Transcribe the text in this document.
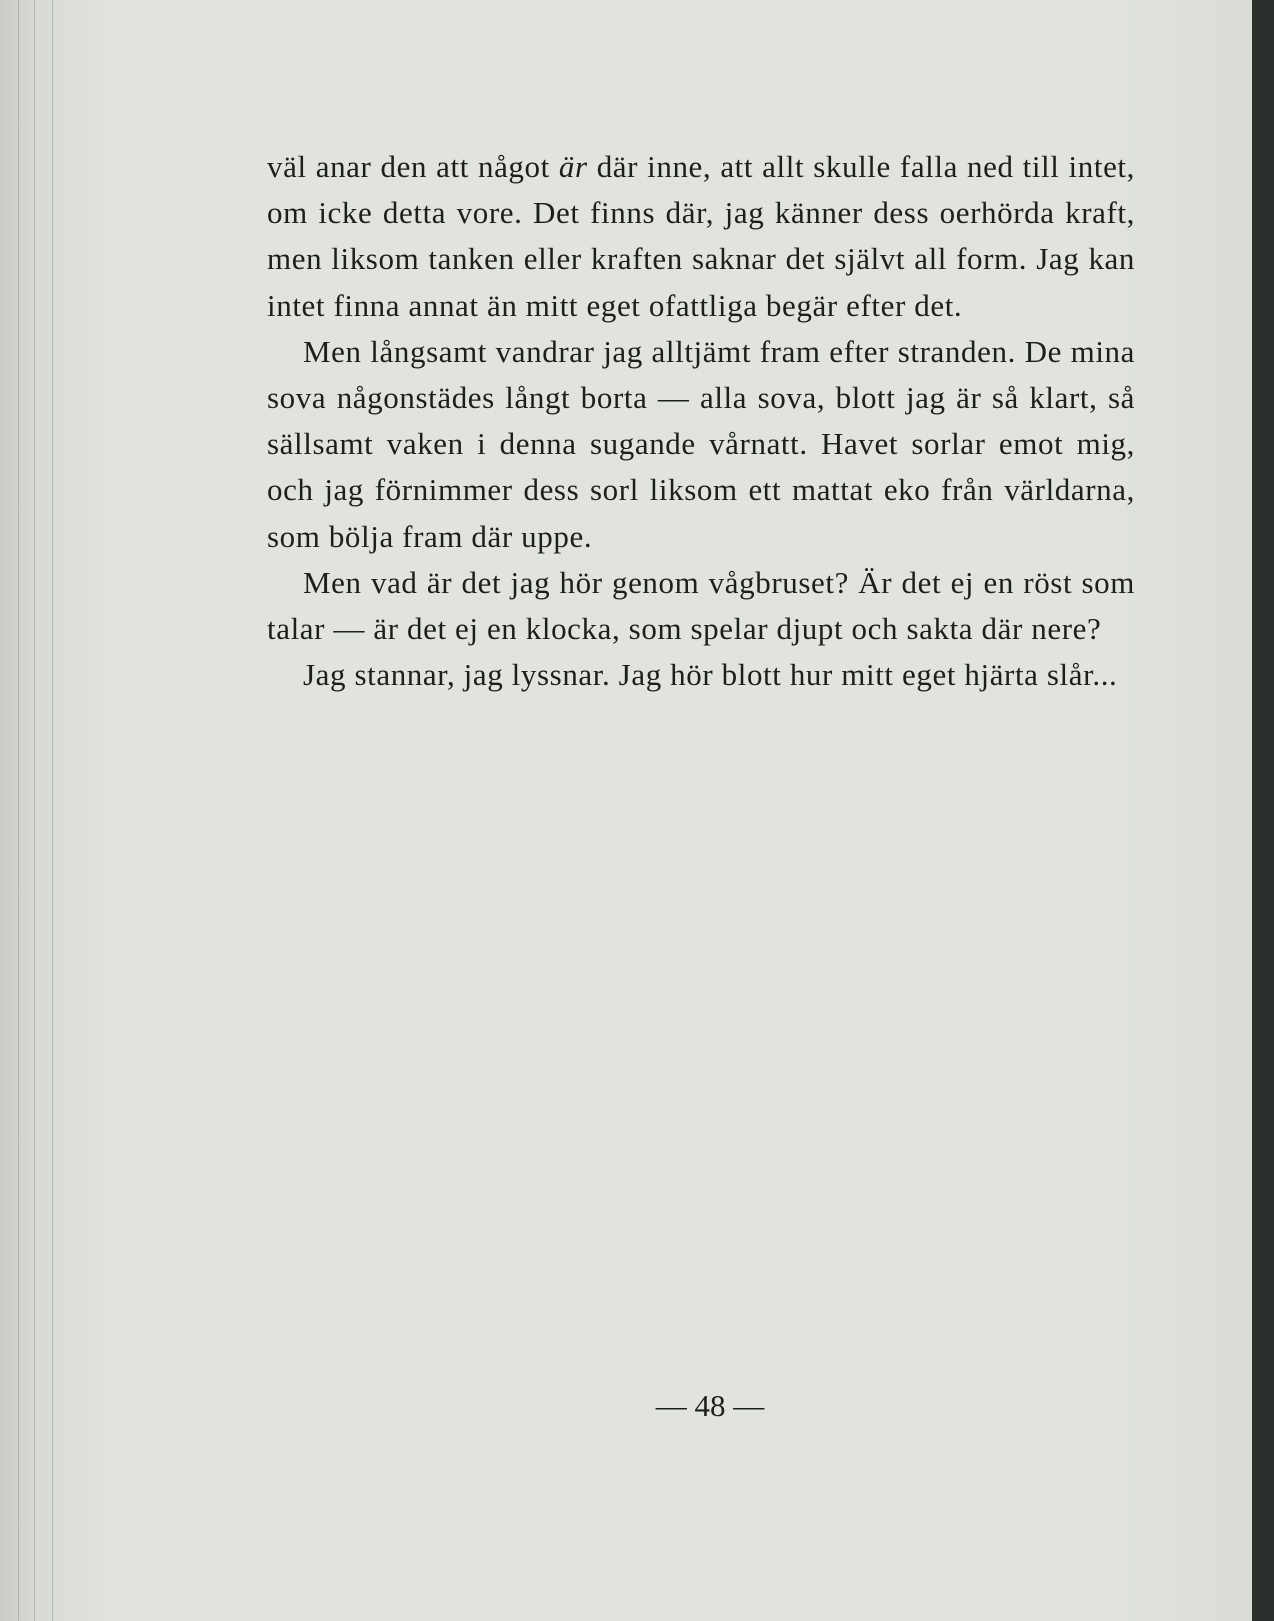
väl anar den att något är där inne, att allt skulle falla ned till intet, om icke detta vore. Det finns där, jag känner dess oerhörda kraft, men liksom tanken eller kraften saknar det självt all form. Jag kan intet finna annat än mitt eget ofattliga begär efter det.

Men långsamt vandrar jag alltjämt fram efter stranden. De mina sova någonstädes långt borta — alla sova, blott jag är så klart, så sällsamt vaken i denna sugande vårnatt. Havet sorlar emot mig, och jag förnimmer dess sorl liksom ett mattat eko från världarna, som bölja fram där uppe.

Men vad är det jag hör genom vågbruset? Är det ej en röst som talar — är det ej en klocka, som spelar djupt och sakta där nere?

Jag stannar, jag lyssnar. Jag hör blott hur mitt eget hjärta slår...

— 48 —
